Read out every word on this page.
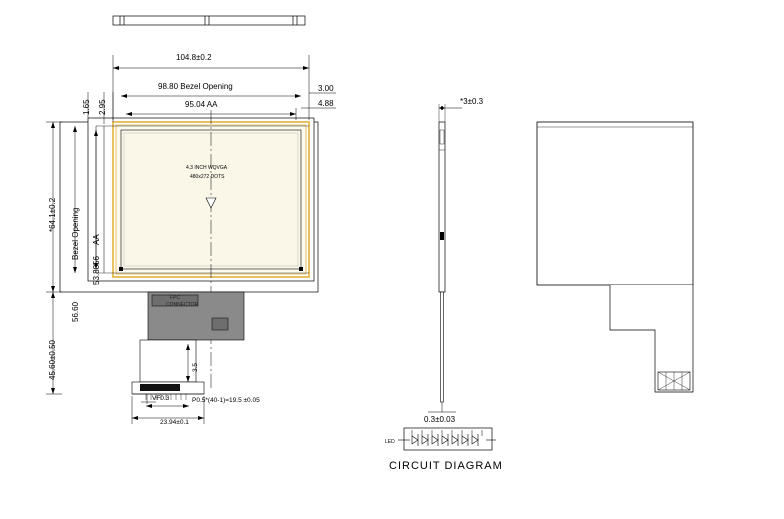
104.8±0.2
98.80 Bezel Opening
95.04 AA
3.00
4.88
1.65 2.95
Bezel Opening
56.60
AA
53.8856
*64.1±0.2
45.60±0.50
4.3 INCH WQVGA
480x272 DOTS
FPC
CONNECTOR
3.5
VF0.3	P0.5*(40-1)=19.5 ±0.05
23.94±0.1
*3±0.3
0.3±0.03
LED
CIRCUIT DIAGRAM
